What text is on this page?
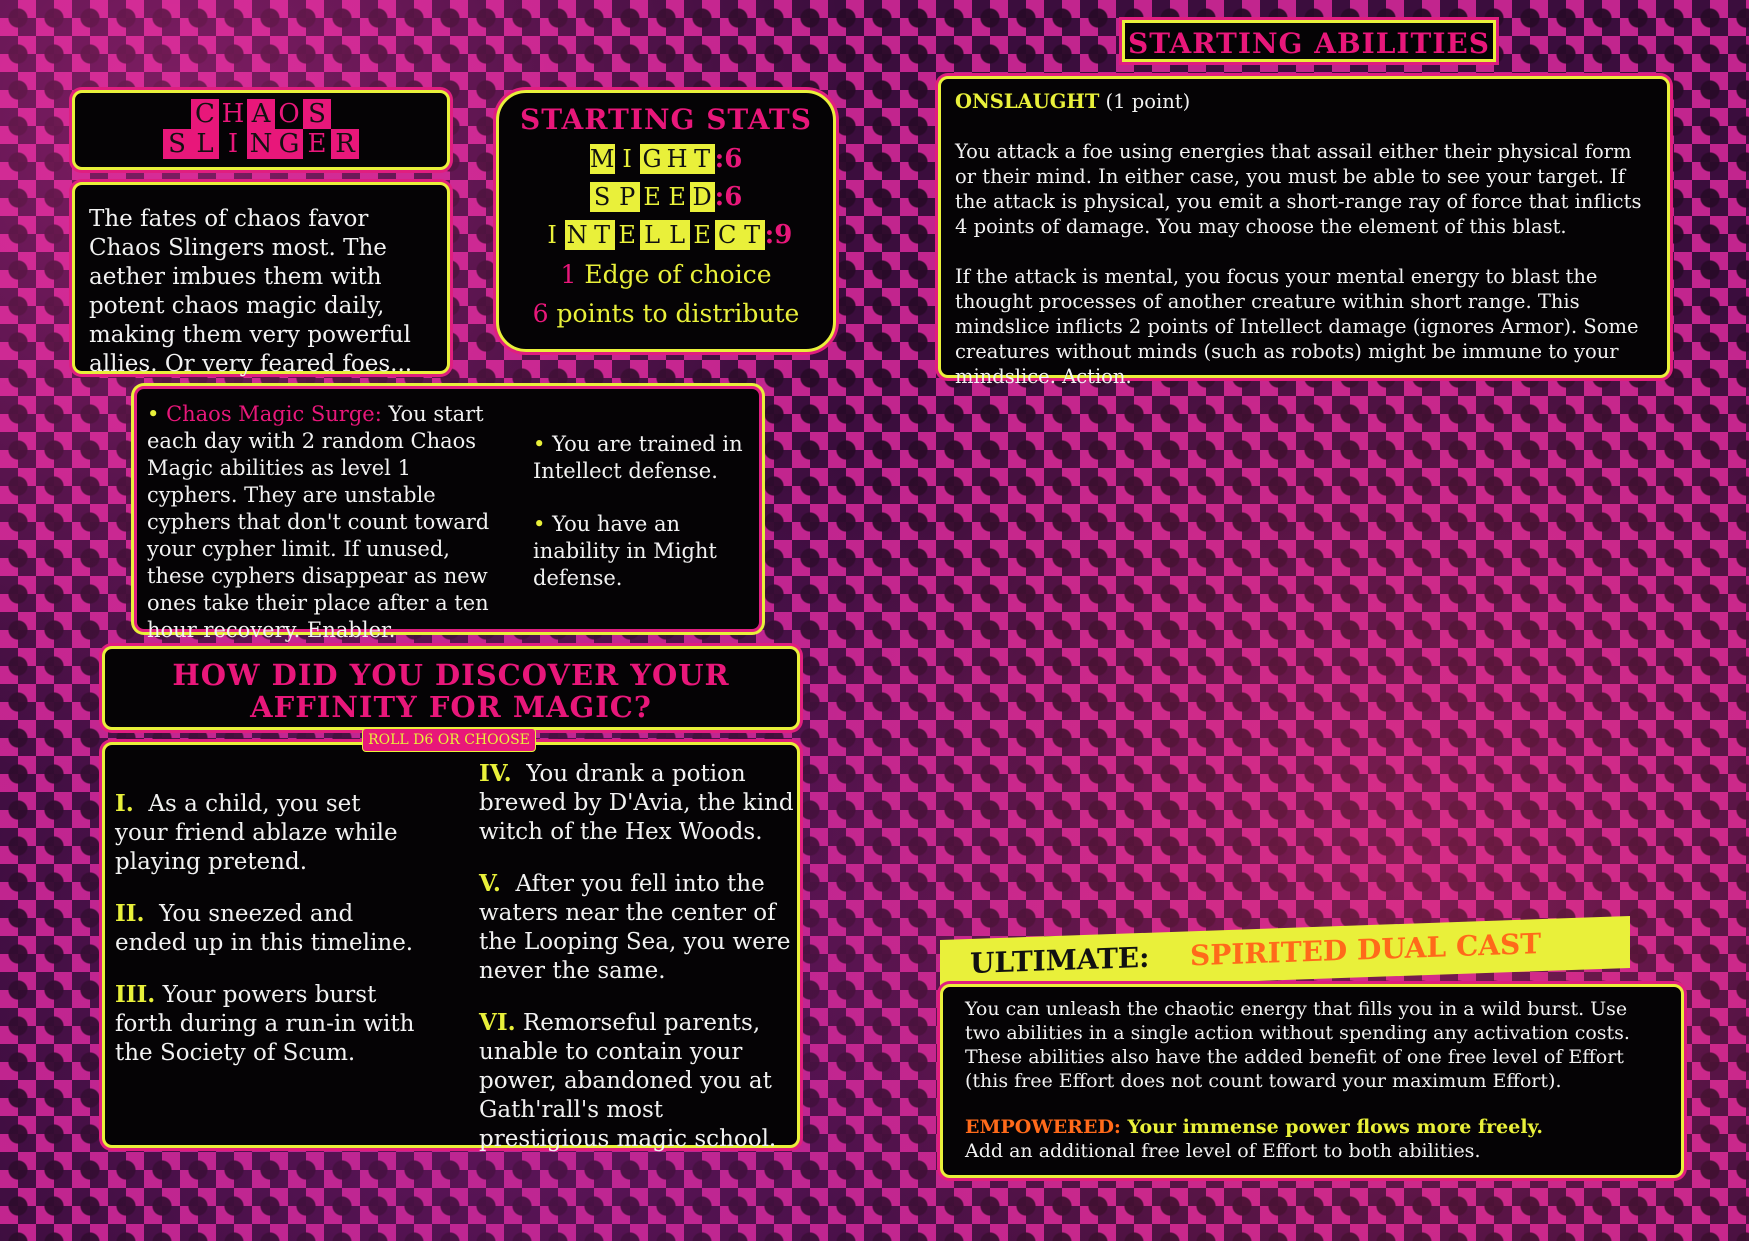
C H A O S
S L I N G E R
The fates of chaos favor Chaos Slingers most. The aether imbues them with potent chaos magic daily, making them very powerful allies. Or very feared foes...
STARTING STATS
M I G H T :6
S P E E D :6
I N T E L L E C T :9
1 Edge of choice
6 points to distribute
• Chaos Magic Surge: You start each day with 2 random Chaos Magic abilities as level 1 cyphers. They are unstable cyphers that don't count toward your cypher limit. If unused, these cyphers disappear as new ones take their place after a ten hour recovery. Enabler.
• You are trained in Intellect defense.
• You have an inability in Might defense.
HOW DID YOU DISCOVER YOUR
AFFINITY FOR MAGIC?
I. As a child, you set your friend ablaze while playing pretend.
II. You sneezed and ended up in this timeline.
III. Your powers burst forth during a run-in with the Society of Scum.
IV. You drank a potion brewed by D'Avia, the kind witch of the Hex Woods.
V. After you fell into the waters near the center of the Looping Sea, you were never the same.
VI. Remorseful parents, unable to contain your power, abandoned you at Gath'rall's most prestigious magic school.
ROLL D6 OR CHOOSE
STARTING ABILITIES

ONSLAUGHT (1 point)

You attack a foe using energies that assail either their physical form or their mind. In either case, you must be able to see your target. If the attack is physical, you emit a short-range ray of force that inflicts 4 points of damage. You may choose the element of this blast.

If the attack is mental, you focus your mental energy to blast the thought processes of another creature within short range. This mindslice inflicts 2 points of Intellect damage (ignores Armor). Some creatures without minds (such as robots) might be immune to your mindslice. Action.

ULTIMATE: SPIRITED DUAL CAST

You can unleash the chaotic energy that fills you in a wild burst. Use two abilities in a single action without spending any activation costs. These abilities also have the added benefit of one free level of Effort (this free Effort does not count toward your maximum Effort).

EMPOWERED: Your immense power flows more freely.
Add an additional free level of Effort to both abilities.
